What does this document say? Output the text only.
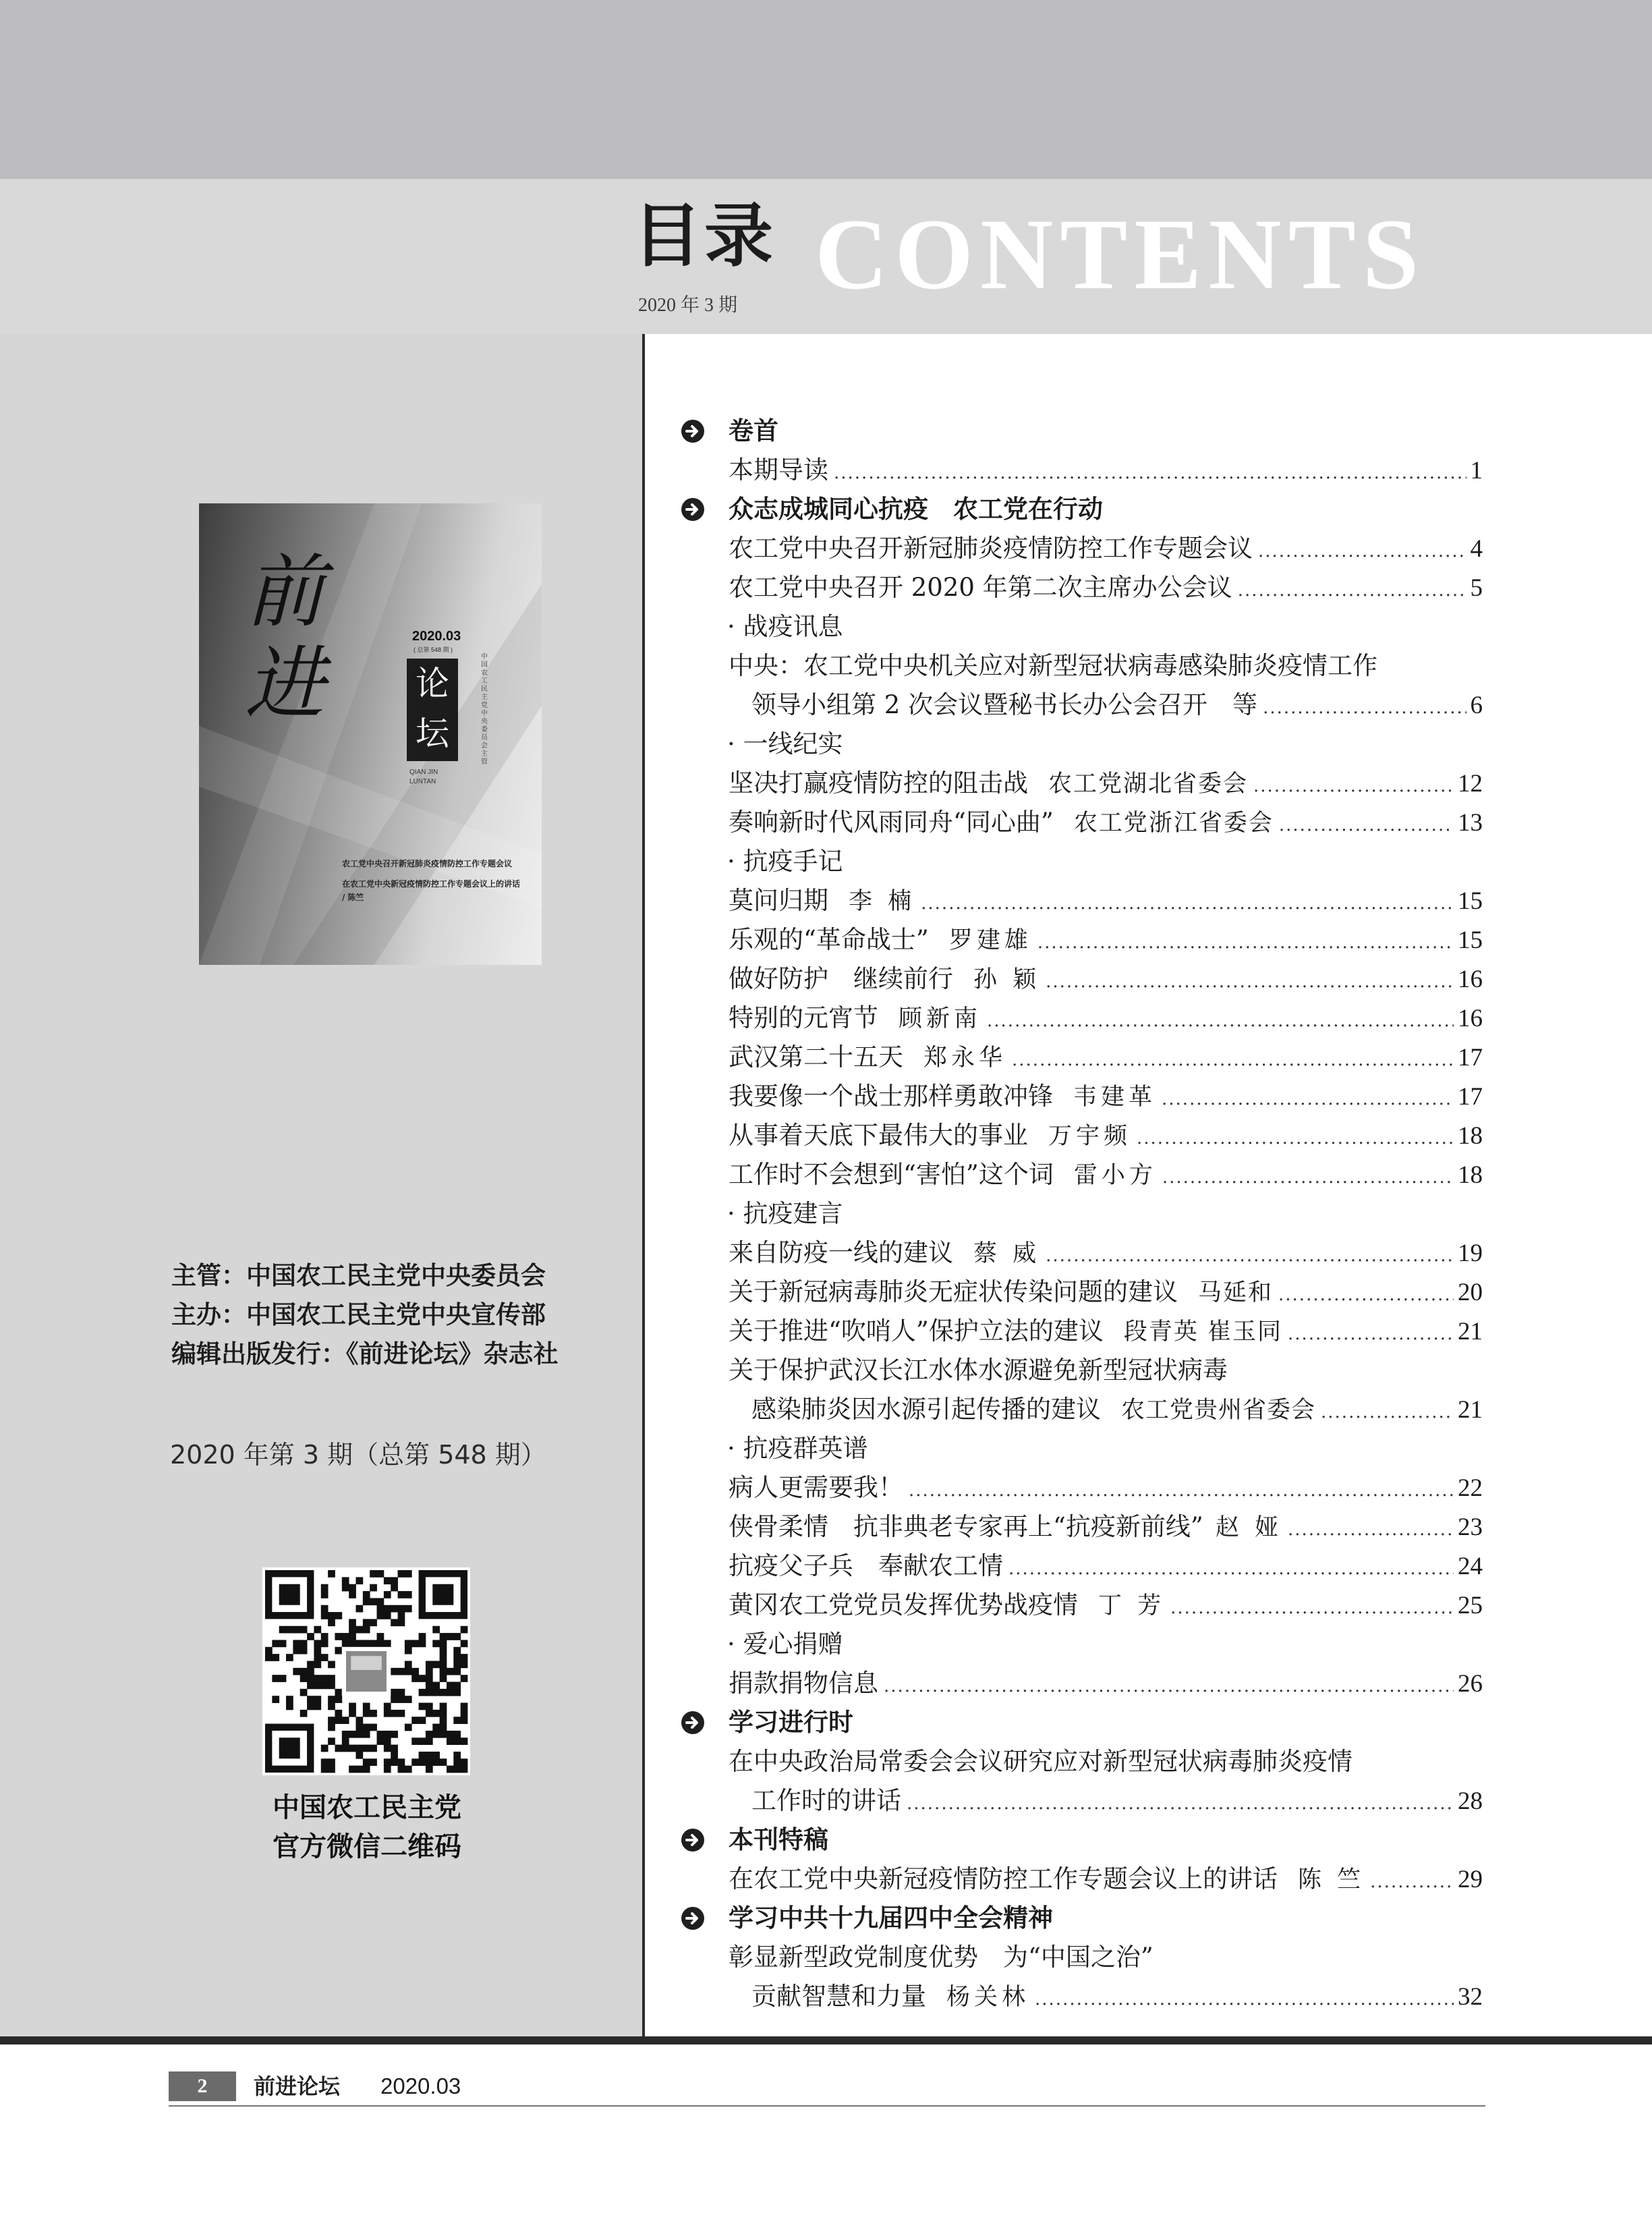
目录
2020 年 3 期 CONTENTS
前进
2020.03
( 总第 548 期 )
论坛
QIAN JIN
LUNTAN
中国农工民主党中央委员会 主管
农工党中央召开新冠肺炎疫情防控工作专题会议
在农工党中央新冠疫情防控工作专题会议上的讲话 / 陈竺
主管：中国农工民主党中央委员会
主办：中国农工民主党中央宣传部
编辑出版发行：《前进论坛》杂志社
2020 年第 3 期（总第 548 期）
中国农工民主党
官方微信二维码
卷首
本期导读 .....	1
众志成城同心抗疫　农工党在行动
农工党中央召开新冠肺炎疫情防控工作专题会议 .....	4
农工党中央召开 2020 年第二次主席办公会议 .....	5
· 战疫讯息
中央：农工党中央机关应对新型冠状病毒感染肺炎疫情工作
领导小组第 2 次会议暨秘书长办公会召开　等 .....	6
· 一线纪实
坚决打赢疫情防控的阻击战 农工党湖北省委会 .....	12
奏响新时代风雨同舟“同心曲” 农工党浙江省委会 .....	13
· 抗疫手记
莫问归期 李 楠 .....	15
乐观的“革命战士” 罗建雄 .....	15
做好防护　继续前行 孙 颖 .....	16
特别的元宵节 顾新南 .....	16
武汉第二十五天 郑永华 .....	17
我要像一个战士那样勇敢冲锋 韦建革 .....	17
从事着天底下最伟大的事业 万宇频 .....	18
工作时不会想到“害怕”这个词 雷小方 .....	18
· 抗疫建言
来自防疫一线的建议 蔡 威 .....	19
关于新冠病毒肺炎无症状传染问题的建议 马延和 .....	20
关于推进“吹哨人”保护立法的建议 段青英 崔玉同 .....	21
关于保护武汉长江水体水源避免新型冠状病毒
感染肺炎因水源引起传播的建议 农工党贵州省委会 .....	21
· 抗疫群英谱
病人更需要我！ .....	22
侠骨柔情　抗非典老专家再上“抗疫新前线” 赵 娅 .....	23
抗疫父子兵　奉献农工情 .....	24
黄冈农工党党员发挥优势战疫情 丁 芳 .....	25
· 爱心捐赠
捐款捐物信息 .....	26
学习进行时
在中央政治局常委会会议研究应对新型冠状病毒肺炎疫情
工作时的讲话 .....	28
本刊特稿
在农工党中央新冠疫情防控工作专题会议上的讲话 陈 竺 .....	29
学习中共十九届四中全会精神
彰显新型政党制度优势　为“中国之治”
贡献智慧和力量 杨关林 .....	32
2	前进论坛 2020.03
